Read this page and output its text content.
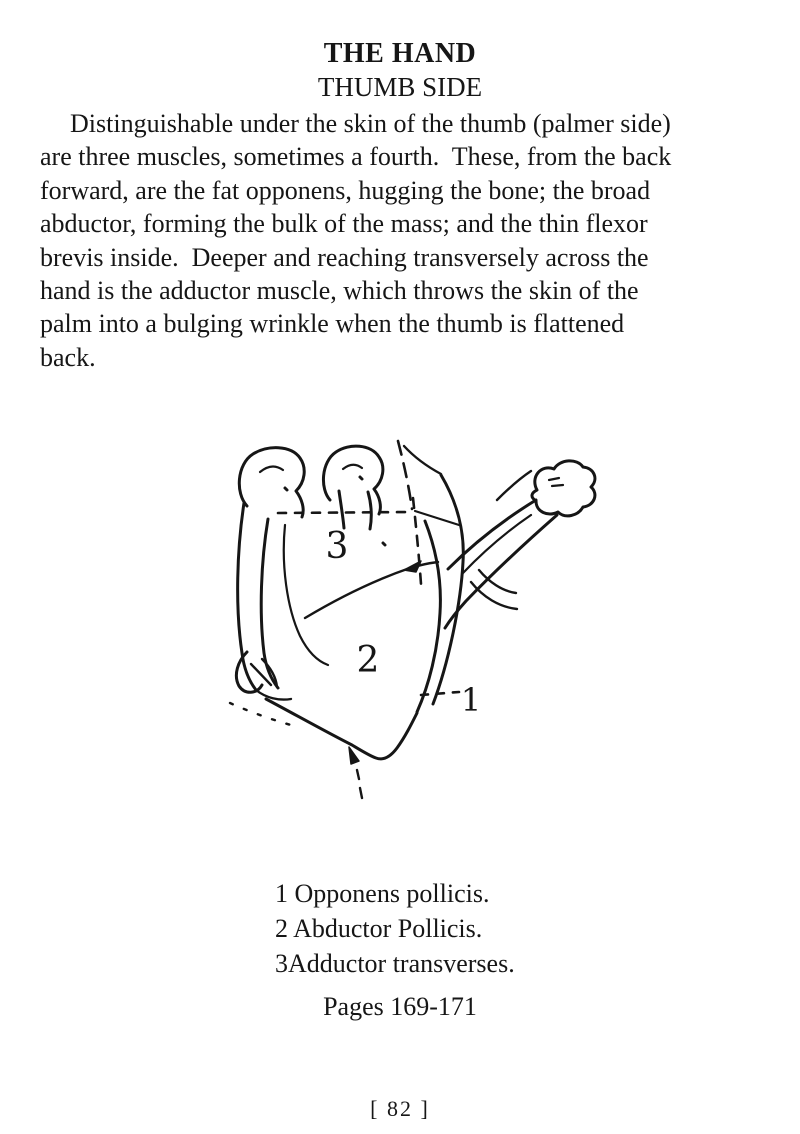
THE HAND
THUMB SIDE
Distinguishable under the skin of the thumb (palmer side)
are three muscles, sometimes a fourth.  These, from the back
forward, are the fat opponens, hugging the bone; the broad
abductor, forming the bulk of the mass; and the thin flexor
brevis inside.  Deeper and reaching transversely across the
hand is the adductor muscle, which throws the skin of the
palm into a bulging wrinkle when the thumb is flattened
back.
3
2
1
1 Opponens pollicis.
2 Abductor Pollicis.
3Adductor transverses.
Pages 169-171
[ 82 ]
